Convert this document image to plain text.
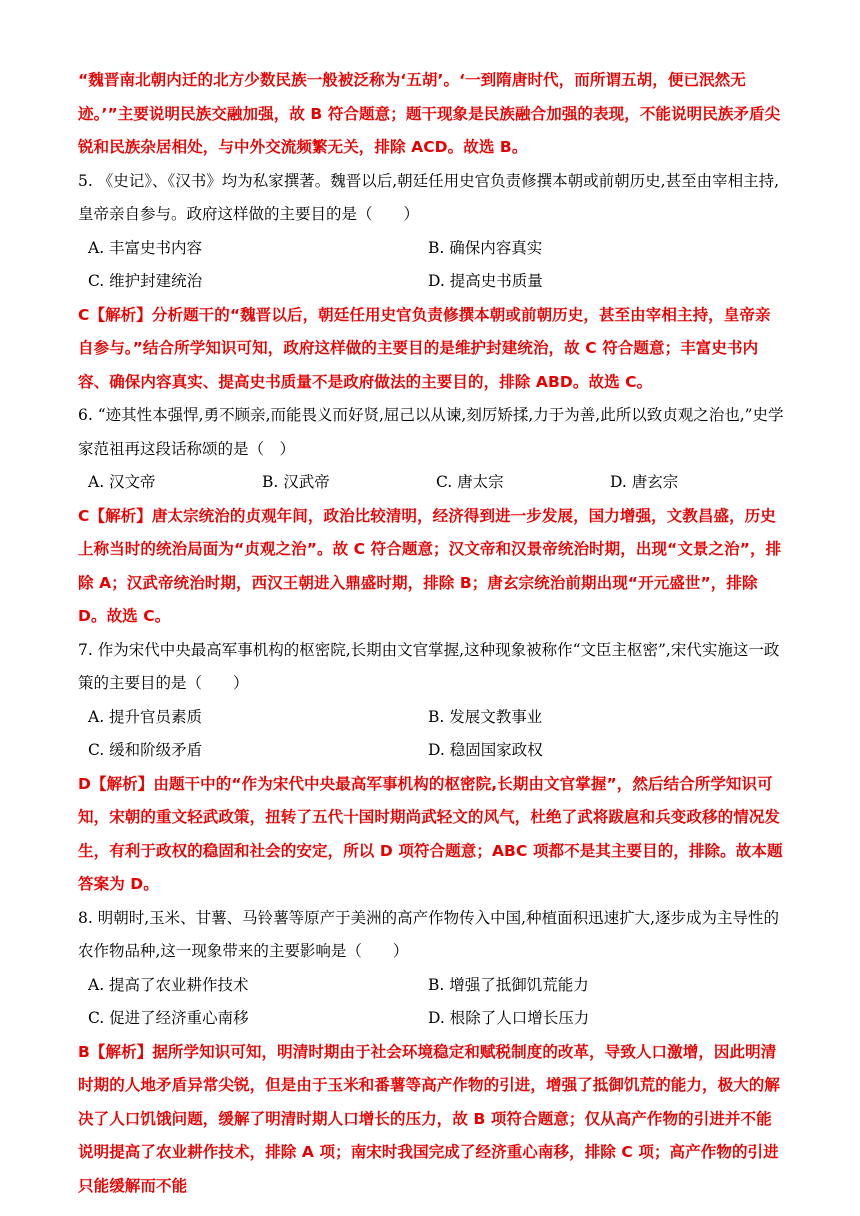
“魏晋南北朝内迁的北方少数民族一般被泛称为‘五胡’。‘一到隋唐时代，而所谓五胡，便已泯然无迹。’”主要说明民族交融加强，故 B 符合题意；题干现象是民族融合加强的表现，不能说明民族矛盾尖锐和民族杂居相处，与中外交流频繁无关，排除 ACD。故选 B。

5. 《史记》、《汉书》均为私家撰著。魏晋以后,朝廷任用史官负责修撰本朝或前朝历史,甚至由宰相主持,皇帝亲自参与。政府这样做的主要目的是（　　）

A. 丰富史书内容	B. 确保内容真实
C. 维护封建统治	D. 提高史书质量

C【解析】分析题干的“魏晋以后，朝廷任用史官负责修撰本朝或前朝历史，甚至由宰相主持，皇帝亲自参与。”结合所学知识可知，政府这样做的主要目的是维护封建统治，故 C 符合题意；丰富史书内容、确保内容真实、提高史书质量不是政府做法的主要目的，排除 ABD。故选 C。

6. “迹其性本强悍,勇不顾亲,而能畏义而好贤,屈己以从谏,刻厉矫揉,力于为善,此所以致贞观之治也,”史学家范祖再这段话称颂的是（　）

A. 汉文帝	B. 汉武帝	C. 唐太宗	D. 唐玄宗

C【解析】唐太宗统治的贞观年间，政治比较清明，经济得到进一步发展，国力增强，文教昌盛，历史上称当时的统治局面为“贞观之治”。故 C 符合题意；汉文帝和汉景帝统治时期，出现“文景之治”，排除 A；汉武帝统治时期，西汉王朝进入鼎盛时期，排除 B；唐玄宗统治前期出现“开元盛世”，排除 D。故选 C。

7. 作为宋代中央最高军事机构的枢密院,长期由文官掌握,这种现象被称作“文臣主枢密”,宋代实施这一政策的主要目的是（　　）

A. 提升官员素质	B. 发展文教事业
C. 缓和阶级矛盾	D. 稳固国家政权

D【解析】由题干中的“作为宋代中央最高军事机构的枢密院,长期由文官掌握”，然后结合所学知识可知，宋朝的重文轻武政策，扭转了五代十国时期尚武轻文的风气，杜绝了武将跋扈和兵变政移的情况发生，有利于政权的稳固和社会的安定，所以 D 项符合题意；ABC 项都不是其主要目的，排除。故本题答案为 D。

8. 明朝时,玉米、甘薯、马铃薯等原产于美洲的高产作物传入中国,种植面积迅速扩大,逐步成为主导性的农作物品种,这一现象带来的主要影响是（　　）

A. 提高了农业耕作技术	B. 增强了抵御饥荒能力
C. 促进了经济重心南移	D. 根除了人口增长压力

B【解析】据所学知识可知，明清时期由于社会环境稳定和赋税制度的改革，导致人口激增，因此明清时期的人地矛盾异常尖锐，但是由于玉米和番薯等高产作物的引进，增强了抵御饥荒的能力，极大的解决了人口饥饿问题，缓解了明清时期人口增长的压力，故 B 项符合题意；仅从高产作物的引进并不能说明提高了农业耕作技术，排除 A 项；南宋时我国完成了经济重心南移，排除 C 项；高产作物的引进只能缓解而不能
